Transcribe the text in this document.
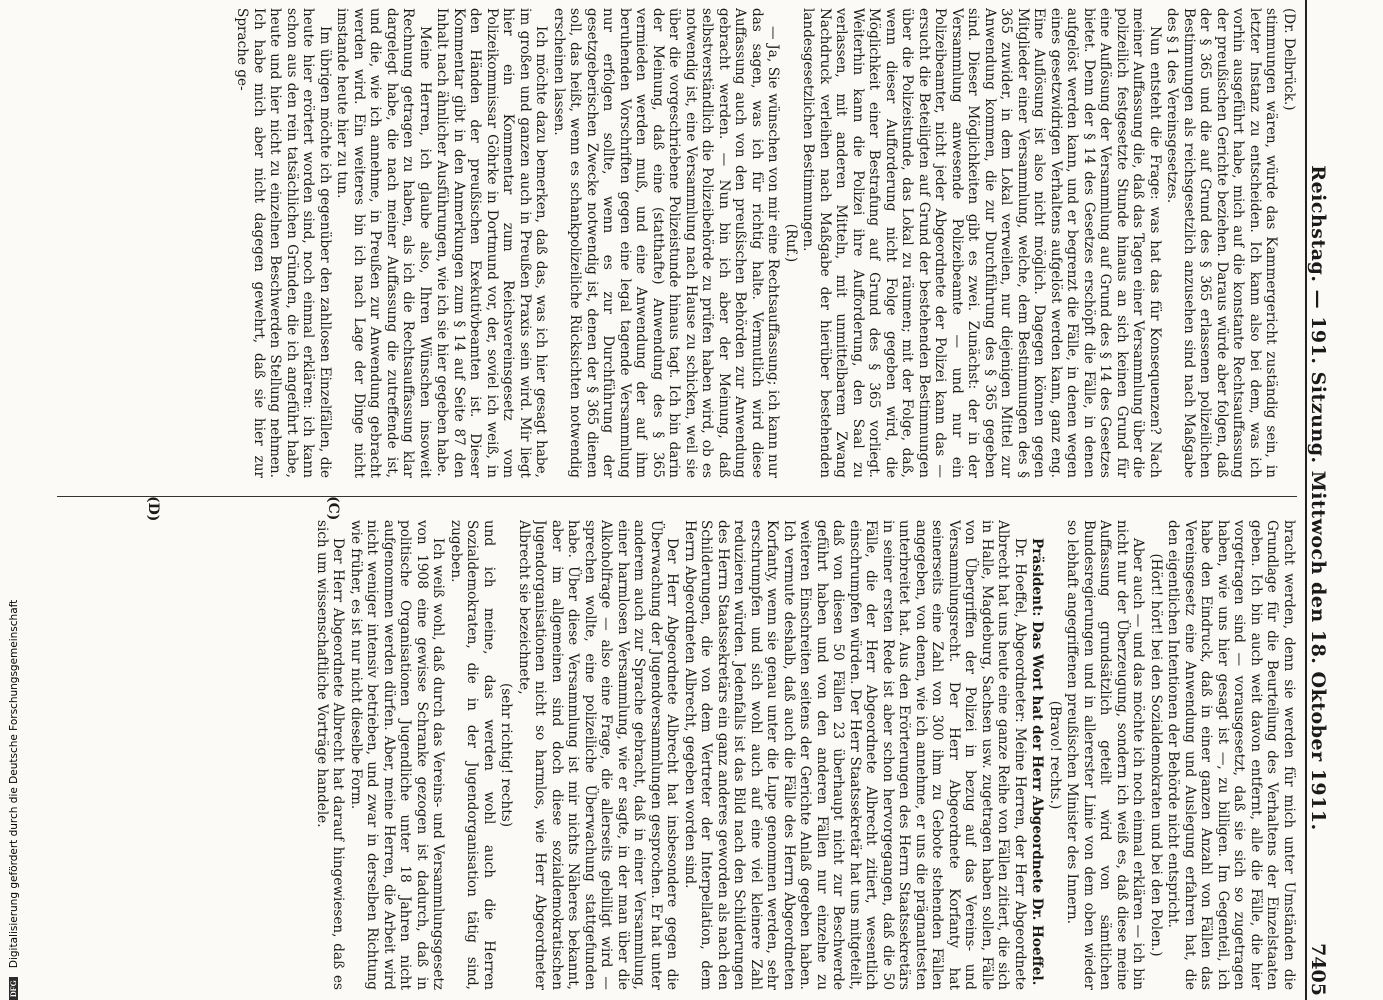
Reichstag. — 191. Sitzung. Mittwoch den 18. Oktober 1911.
7405
(C)
(D)

(Dr. Delbrück.)

stimmungen wären, würde das Kammergericht zuständig sein, in letzter Instanz zu entscheiden. Ich kann also bei dem, was ich vorhin ausgeführt habe, mich auf die konstante Rechtsauffassung der preußischen Gerichte beziehen. Daraus würde aber folgen, daß der § 365 und die auf Grund des § 365 erlassenen polizeilichen Bestimmungen als reichsgesetzlich anzusehen sind nach Maßgabe des § 1 des Vereinsgesetzes.

Nun entsteht die Frage: was hat das für Konsequenzen? Nach meiner Auffassung die, daß das Tagen einer Versammlung über die polizeilich festgesetzte Stunde hinaus an sich keinen Grund für eine Auflösung der Versammlung auf Grund des § 14 des Gesetzes bietet. Denn der § 14 des Gesetzes erschöpft die Fälle, in denen aufgelöst werden kann, und er begrenzt die Fälle, in denen wegen eines gesetzwidrigen Verhaltens aufgelöst werden kann, ganz eng. Eine Auflösung ist also nicht möglich. Dagegen können gegen Mitglieder einer Versammlung, welche, dem Bestimmungen des § 365 zuwider, in dem Lokal verweilen, nur diejenigen Mittel zur Anwendung kommen, die zur Durchführung des § 365 gegeben sind. Dieser Möglichkeiten gibt es zwei. Zunächst: der in der Versammlung anwesende Polizeibeamte — und nur ein Polizeibeamter, nicht jeder Abgeordnete der Polizei kann das — ersucht die Beteiligten auf Grund der bestehenden Bestimmungen über die Polizeistunde, das Lokal zu räumen; mit der Folge, daß, wenn dieser Aufforderung nicht Folge gegeben wird, die Möglichkeit einer Bestrafung auf Grund des § 365 vorliegt. Weiterhin kann die Polizei ihre Aufforderung, den Saal zu verlassen, mit anderen Mitteln, mit unmittelbarem Zwang Nachdruck verleihen nach Maßgabe der hierüber bestehenden landesgesetzlichen Bestimmungen.

(Ruf.)

— Ja, Sie wünschen von mir eine Rechtsauffassung; ich kann nur das sagen, was ich für richtig halte. Vermutlich wird diese Auffassung auch von den preußischen Behörden zur Anwendung gebracht werden. — Nun bin ich aber der Meinung, daß selbstverständlich die Polizeibehörde zu prüfen haben wird, ob es notwendig ist, eine Versammlung nach Hause zu schicken, weil sie über die vorgeschriebene Polizeistunde hinaus tagt. Ich bin darin der Meinung, daß eine (statthafte) Anwendung des § 365 vermieden werden muß, und eine Anwendung der auf ihm beruhenden Vorschriften gegen eine legal tagende Versammlung nur erfolgen sollte, wenn es zur Durchführung der gesetzgeberischen Zwecke notwendig ist, denen der § 365 dienen soll, das heißt, wenn es schankpolizeiliche Rücksichten notwendig erscheinen lassen.

Ich möchte dazu bemerken, daß das, was ich hier gesagt habe, im großen und ganzen auch in Preußen Praxis sein wird. Mir liegt hier ein Kommentar zum Reichsvereinsgesetz vom Polizeikommissar Göhrke in Dortmund vor, der, soviel ich weiß, in den Händen der preußischen Exekutivbeamten ist. Dieser Kommentar gibt in den Anmerkungen zum § 14 auf Seite 87 den Inhalt nach ähnlicher Ausführungen, wie ich sie hier gegeben habe.

Meine Herren, ich glaube also, Ihren Wünschen insoweit Rechnung getragen zu haben, als ich die Rechtsauffassung klar dargelegt habe, die nach meiner Auffassung die zutreffende ist, und die, wie ich annehme, in Preußen zur Anwendung gebracht werden wird. Ein weiteres bin ich nach Lage der Dinge nicht imstande heute hier zu tun.

Im übrigen möchte ich gegenüber den zahllosen Einzelfällen, die heute hier erörtert worden sind, noch einmal erklären: ich kann schon aus den rein tatsächlichen Gründen, die ich angeführt habe, heute und hier nicht zu einzelnen Beschwerden Stellung nehmen. Ich habe mich aber nicht dagegen gewehrt, daß sie hier zur Sprache ge-

bracht werden, denn sie werden für mich unter Umständen die Grundlage für die Beurteilung des Verhaltens der Einzelstaaten geben. Ich bin auch weit davon entfernt, alle die Fälle, die hier vorgetragen sind — vorausgesetzt, daß sie sich so zugetragen haben, wie uns hier gesagt ist —, zu billigen. Im Gegenteil, ich habe den Eindruck, daß in einer ganzen Anzahl von Fällen das Vereinsgesetz eine Anwendung und Auslegung erfahren hat, die den eigentlichen Intentionen der Behörde nicht entspricht.

(Hört! hört! bei den Sozialdemokraten und bei den Polen.)

Aber auch — und das möchte ich noch einmal erklären — ich bin nicht nur der Überzeugung, sondern ich weiß es, daß diese meine Auffassung grundsätzlich geteilt wird von sämtlichen Bundesregierungen und in allererster Linie von dem oben wieder so lebhaft angegriffenen preußischen Minister des Innern.

(Bravo! rechts.)

Präsident: Das Wort hat der Herr Abgeordnete Dr. Hoeffel.

Dr. Hoeffel, Abgeordneter: Meine Herren, der Herr Abgeordnete Albrecht hat uns heute eine ganze Reihe von Fällen zitiert, die sich in Halle, Magdeburg, Sachsen usw. zugetragen haben sollen, Fälle von Übergriffen der Polizei in bezug auf das Vereins- und Versammlungsrecht. Der Herr Abgeordnete Korfanty hat seinerseits eine Zahl von 300 ihm zu Gebote stehenden Fällen angegeben, von denen, wie ich annehme, er uns die prägnantesten unterbreitet hat. Aus den Erörterungen des Herrn Staatssekretärs in seiner ersten Rede ist aber schon hervorgegangen, daß die 50 Fälle, die der Herr Abgeordnete Albrecht zitiert, wesentlich einschrumpfen würden. Der Herr Staatssekretär hat uns mitgeteilt, daß von diesen 50 Fällen 23 überhaupt nicht zur Beschwerde geführt haben und von den anderen Fällen nur einzelne zu weiteren Einschreiten seitens der Gerichte Anlaß gegeben haben. Ich vermute deshalb, daß auch die Fälle des Herrn Abgeordneten Korfanty, wenn sie genau unter die Lupe genommen werden, sehr erschrumpfen und sich wohl auch auf eine viel kleinere Zahl reduzieren würden. Jedenfalls ist das Bild nach den Schilderungen des Herrn Staatssekretärs ein ganz anderes geworden als nach den Schilderungen, die von dem Vertreter der Interpellation, dem Herrn Abgeordneten Albrecht, gegeben worden sind.

Der Herr Abgeordnete Albrecht hat insbesondere gegen die Überwachung der Jugendversammlungen gesprochen. Er hat unter anderem auch zur Sprache gebracht, daß in einer Versammlung, einer harmlosen Versammlung, wie er sagte, in der man über die Alkoholfrage — also eine Frage, die allerseits gebilligt wird — sprechen wollte, eine polizeiliche Überwachung stattgefunden habe. Über diese Versammlung ist mir nichts Näheres bekannt, aber im allgemeinen sind doch diese sozialdemokratischen Jugendorganisationen nicht so harmlos, wie Herr Abgeordneter Albrecht sie bezeichnete,

(sehr richtig! rechts)

und ich meine, das werden wohl auch die Herren Sozialdemokraten, die in der Jugendorganisation tätig sind, zugeben.

Ich weiß wohl, daß durch das Vereins- und Versammlungsgesetz von 1908 eine gewisse Schranke gezogen ist dadurch, daß in politische Organisationen Jugendliche unter 18 Jahren nicht aufgenommen werden dürfen. Aber, meine Herren, die Arbeit wird nicht weniger intensiv betrieben, und zwar in derselben Richtung wie früher, es ist nur nicht dieselbe Form.

Der Herr Abgeordnete Albrecht hat darauf hingewiesen, daß es sich um wissenschaftliche Vorträge handele.

DFG Digitalisierung gefördert durch die Deutsche Forschungsgemeinschaft
